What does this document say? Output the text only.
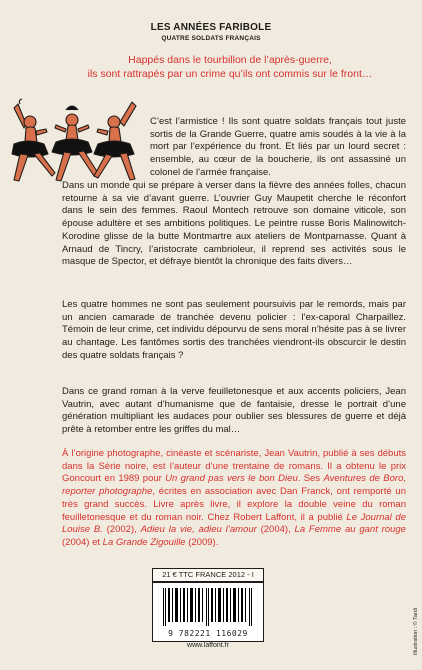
LES ANNÉES FARIBOLE
QUATRE SOLDATS FRANÇAIS
Happés dans le tourbillon de l’après-guerre,
ils sont rattrapés par un crime qu’ils ont commis sur le front…

C’est l’armistice ! Ils sont quatre soldats français tout juste sortis de la Grande Guerre, quatre amis soudés à la vie à la mort par l’expérience du front. Et liés par un lourd secret : ensemble, au cœur de la boucherie, ils ont assassiné un colonel de l’armée française.

Dans un monde qui se prépare à verser dans la fièvre des années folles, chacun retourne à sa vie d’avant guerre. L’ouvrier Guy Maupetit cherche le réconfort dans le sein des femmes. Raoul Montech retrouve son domaine viticole, son épouse adultère et ses ambitions politiques. Le peintre russe Boris Malinowitch-Korodine glisse de la butte Montmartre aux ateliers de Montparnasse. Quant à Arnaud de Tincry, l’aristocrate cambrioleur, il reprend ses activités sous le masque de Spector, et défraye bientôt la chronique des faits divers…

Les quatre hommes ne sont pas seulement poursuivis par le remords, mais par un ancien camarade de tranchée devenu policier : l’ex-caporal Charpaillez. Témoin de leur crime, cet individu dépourvu de sens moral n’hésite pas à se livrer au chantage. Les fantômes sortis des tranchées viendront-ils obscurcir le destin des quatre soldats français ?

Dans ce grand roman à la verve feuilletonesque et aux accents policiers, Jean Vautrin, avec autant d’humanisme que de fantaisie, dresse le portrait d’une génération multipliant les audaces pour oublier ses blessures de guerre et déjà prête à retomber entre les griffes du mal…

À l’origine photographe, cinéaste et scénariste, Jean Vautrin, publié à ses débuts dans la Série noire, est l’auteur d’une trentaine de romans. Il a obtenu le prix Goncourt en 1989 pour Un grand pas vers le bon Dieu. Ses Aventures de Boro, reporter photographe, écrites en association avec Dan Franck, ont remporté un très grand succès. Livre après livre, il explore la double veine du roman feuilletonesque et du roman noir. Chez Robert Laffont, il a publié Le Journal de Louise B. (2002), Adieu la vie, adieu l’amour (2004), La Femme au gant rouge (2004) et La Grande Zigouille (2009).

21 € TTC FRANCE 2012 - I
9 782221 116029
www.laffont.fr	Illustration : © Tardi
